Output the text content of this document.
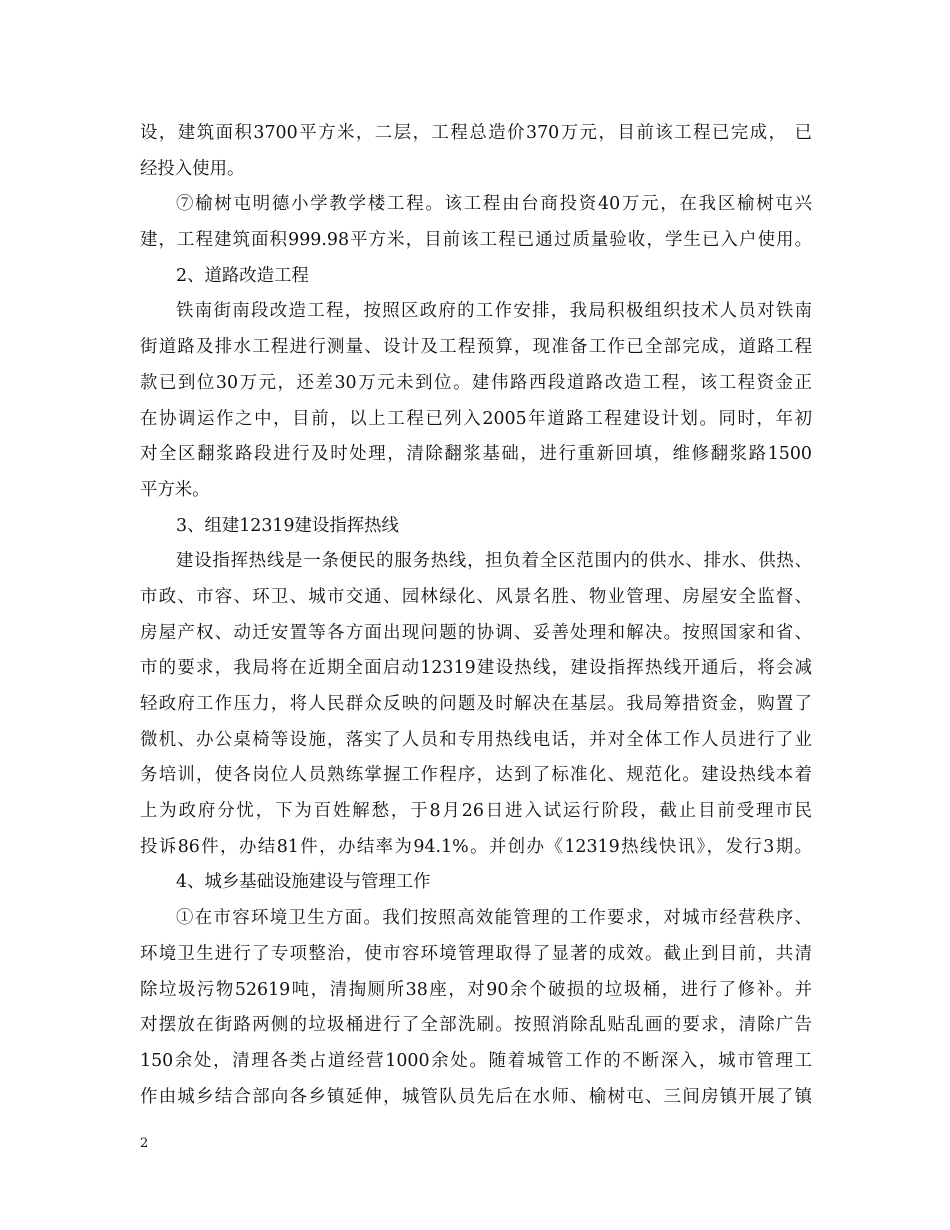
设，建筑面积3700平方米，二层，工程总造价370万元，目前该工程已完成， 已
经投入使用。
⑦榆树屯明德小学教学楼工程。该工程由台商投资40万元，在我区榆树屯兴
建，工程建筑面积999.98平方米，目前该工程已通过质量验收，学生已入户使用。
2、道路改造工程
铁南街南段改造工程，按照区政府的工作安排，我局积极组织技术人员对铁南
街道路及排水工程进行测量、设计及工程预算，现准备工作已全部完成，道路工程
款已到位30万元，还差30万元未到位。建伟路西段道路改造工程，该工程资金正
在协调运作之中，目前，以上工程已列入2005年道路工程建设计划。同时，年初
对全区翻浆路段进行及时处理，清除翻浆基础，进行重新回填，维修翻浆路1500
平方米。
3、组建12319建设指挥热线
建设指挥热线是一条便民的服务热线，担负着全区范围内的供水、排水、供热、
市政、市容、环卫、城市交通、园林绿化、风景名胜、物业管理、房屋安全监督、
房屋产权、动迁安置等各方面出现问题的协调、妥善处理和解决。按照国家和省、
市的要求，我局将在近期全面启动12319建设热线，建设指挥热线开通后，将会减
轻政府工作压力，将人民群众反映的问题及时解决在基层。我局筹措资金，购置了
微机、办公桌椅等设施，落实了人员和专用热线电话，并对全体工作人员进行了业
务培训，使各岗位人员熟练掌握工作程序，达到了标准化、规范化。建设热线本着
上为政府分忧，下为百姓解愁，于8月26日进入试运行阶段，截止目前受理市民
投诉86件，办结81件，办结率为94.1%。并创办《12319热线快讯》，发行3期。
4、城乡基础设施建设与管理工作
①在市容环境卫生方面。我们按照高效能管理的工作要求，对城市经营秩序、
环境卫生进行了专项整治，使市容环境管理取得了显著的成效。截止到目前，共清
除垃圾污物52619吨，清掏厕所38座，对90余个破损的垃圾桶，进行了修补。并
对摆放在街路两侧的垃圾桶进行了全部洗刷。按照消除乱贴乱画的要求，清除广告
150余处，清理各类占道经营1000余处。随着城管工作的不断深入，城市管理工
作由城乡结合部向各乡镇延伸，城管队员先后在水师、榆树屯、三间房镇开展了镇
2
